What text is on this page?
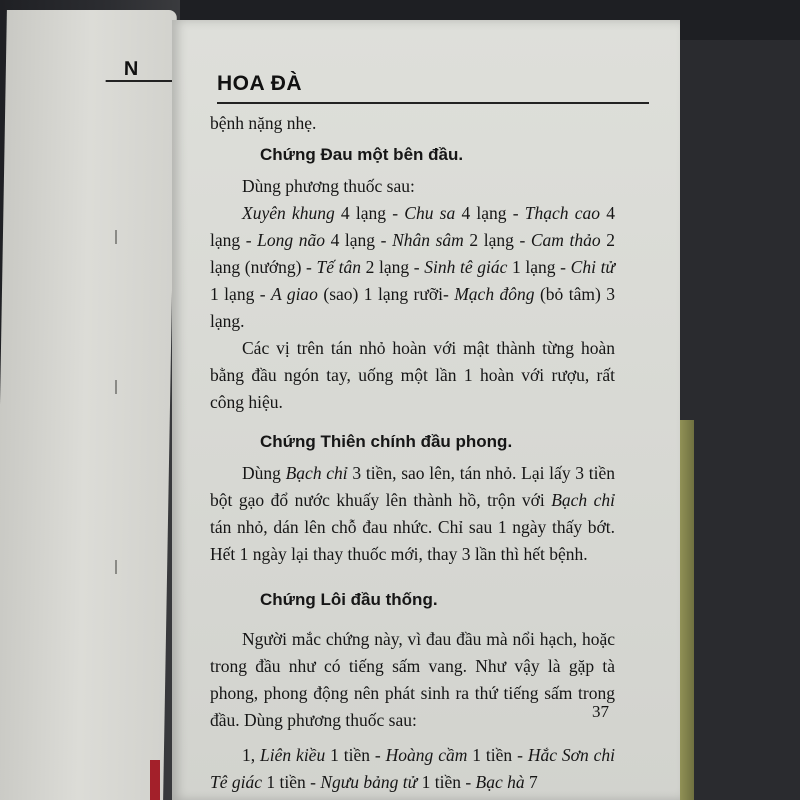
N
HOA ĐÀ

bệnh nặng nhẹ.

Chứng Đau một bên đầu.

Dùng phương thuốc sau:

Xuyên khung 4 lạng - Chu sa 4 lạng - Thạch cao 4 lạng - Long não 4 lạng - Nhân sâm 2 lạng - Cam thảo 2 lạng (nướng) - Tế tân 2 lạng - Sinh tê giác 1 lạng - Chi tử 1 lạng - A giao (sao) 1 lạng rưỡi- Mạch đông (bỏ tâm) 3 lạng.

Các vị trên tán nhỏ hoàn với mật thành từng hoàn bằng đầu ngón tay, uống một lần 1 hoàn với rượu, rất công hiệu.

Chứng Thiên chính đầu phong.

Dùng Bạch chỉ 3 tiền, sao lên, tán nhỏ. Lại lấy 3 tiền bột gạo đổ nước khuấy lên thành hồ, trộn với Bạch chỉ tán nhỏ, dán lên chỗ đau nhức. Chỉ sau 1 ngày thấy bớt. Hết 1 ngày lại thay thuốc mới, thay 3 lần thì hết bệnh.

Chứng Lôi đầu thống.

Người mắc chứng này, vì đau đầu mà nổi hạch, hoặc trong đầu như có tiếng sấm vang. Như vậy là gặp tà phong, phong động nên phát sinh ra thứ tiếng sấm trong đầu. Dùng phương thuốc sau:

1, Liên kiều 1 tiền - Hoàng cầm 1 tiền - Hắc Sơn chi Tê giác 1 tiền - Ngưu bảng tử 1 tiền - Bạc hà 7

37
